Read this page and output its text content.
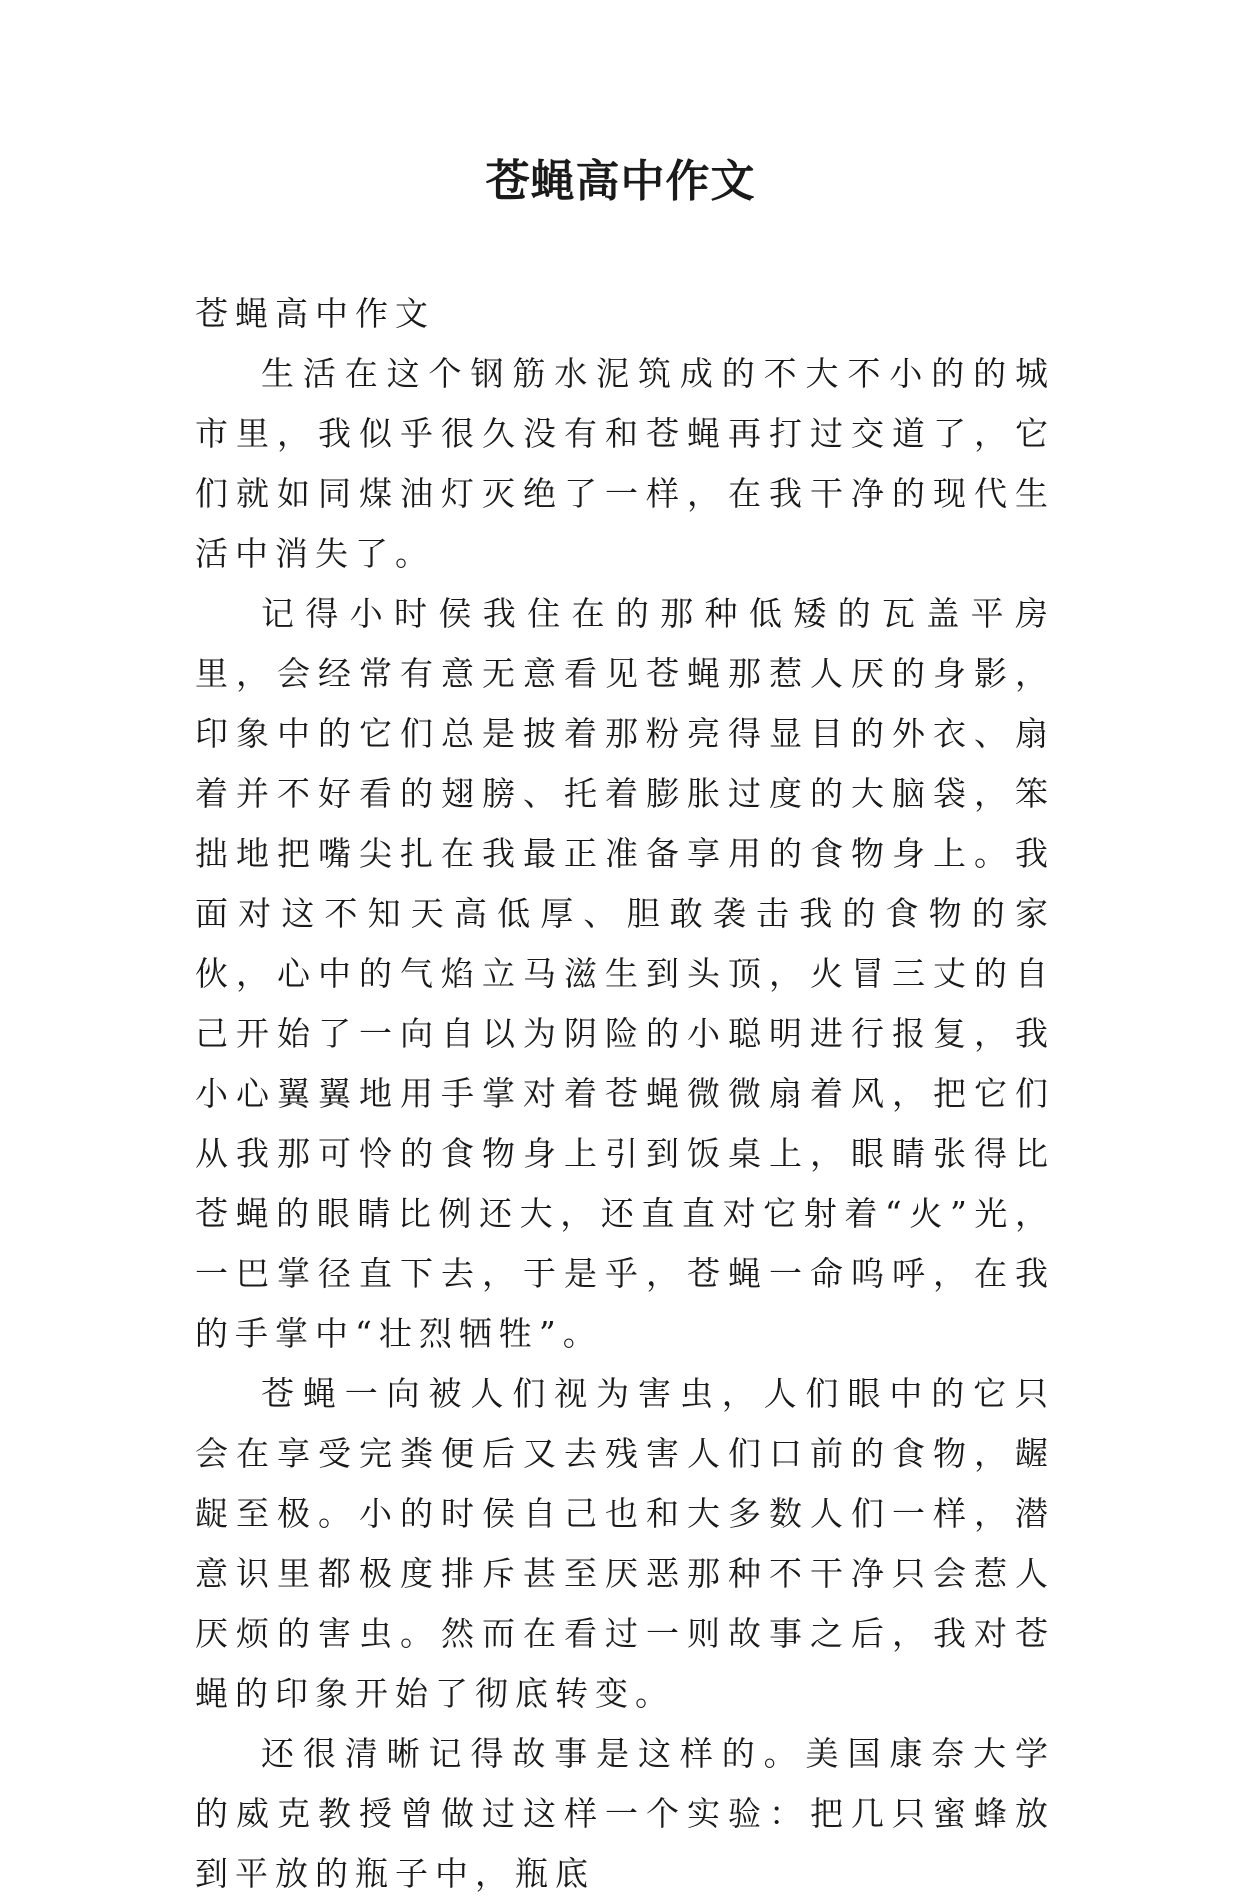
苍蝇高中作文

苍蝇高中作文

生活在这个钢筋水泥筑成的不大不小的的城市里，我似乎很久没有和苍蝇再打过交道了，它们就如同煤油灯灭绝了一样，在我干净的现代生活中消失了。

记得小时侯我住在的那种低矮的瓦盖平房里，会经常有意无意看见苍蝇那惹人厌的身影，印象中的它们总是披着那粉亮得显目的外衣、扇着并不好看的翅膀、托着膨胀过度的大脑袋，笨拙地把嘴尖扎在我最正准备享用的食物身上。我面对这不知天高低厚、胆敢袭击我的食物的家伙，心中的气焰立马滋生到头顶，火冒三丈的自己开始了一向自以为阴险的小聪明进行报复，我小心翼翼地用手掌对着苍蝇微微扇着风，把它们从我那可怜的食物身上引到饭桌上，眼睛张得比苍蝇的眼睛比例还大，还直直对它射着“火”光，一巴掌径直下去，于是乎，苍蝇一命呜呼，在我的手掌中“壮烈牺牲”。

苍蝇一向被人们视为害虫，人们眼中的它只会在享受完粪便后又去残害人们口前的食物，龌龊至极。小的时侯自己也和大多数人们一样，潜意识里都极度排斥甚至厌恶那种不干净只会惹人厌烦的害虫。然而在看过一则故事之后，我对苍蝇的印象开始了彻底转变。

还很清晰记得故事是这样的。美国康奈大学的威克教授曾做过这样一个实验：把几只蜜蜂放到平放的瓶子中，瓶底
